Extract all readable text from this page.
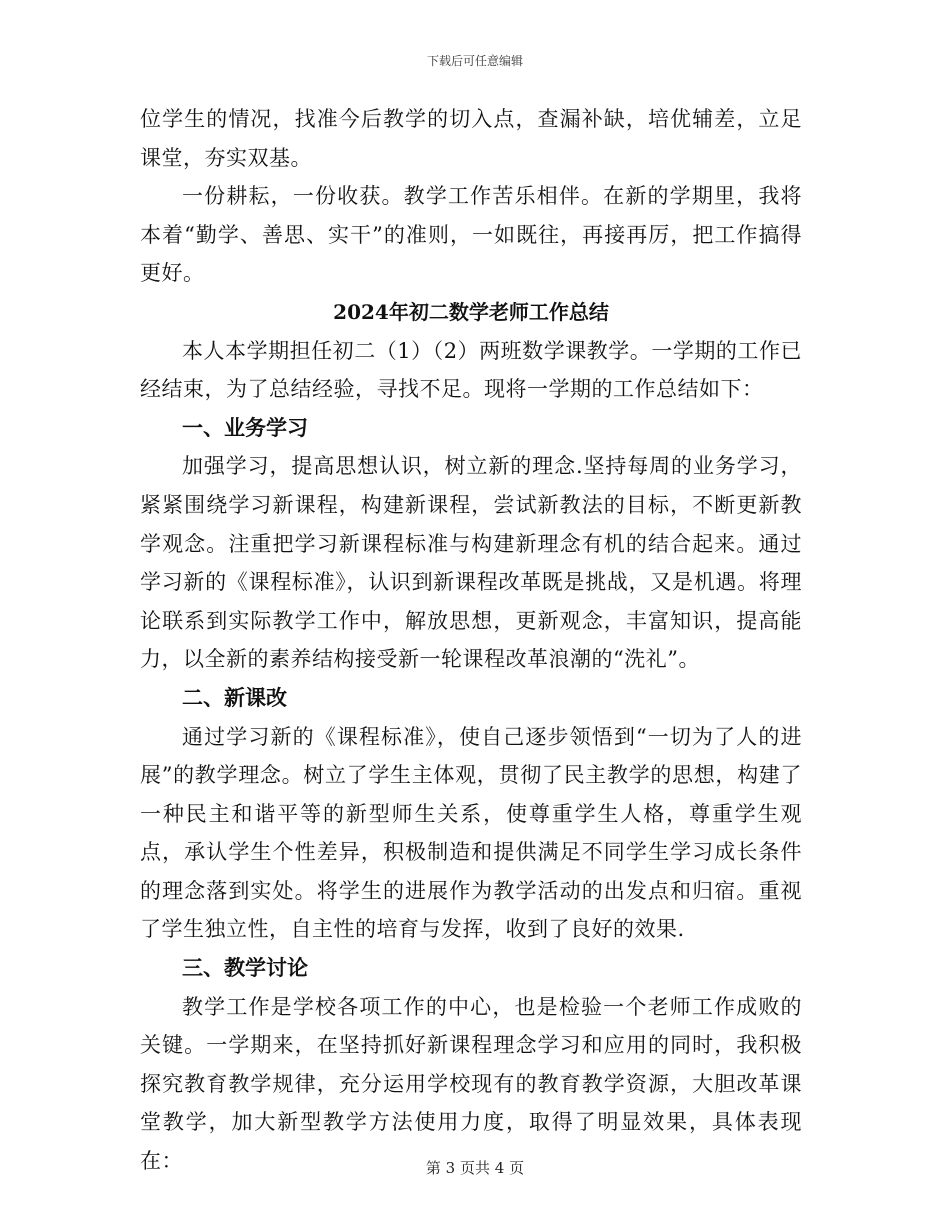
下载后可任意编辑

位学生的情况，找准今后教学的切入点，查漏补缺，培优辅差，立足课堂，夯实双基。

一份耕耘，一份收获。教学工作苦乐相伴。在新的学期里，我将本着“勤学、善思、实干”的准则，一如既往，再接再厉，把工作搞得更好。

2024年初二数学老师工作总结

本人本学期担任初二（1）（2）两班数学课教学。一学期的工作已经结束，为了总结经验，寻找不足。现将一学期的工作总结如下：

一、业务学习

加强学习，提高思想认识，树立新的理念.坚持每周的业务学习，紧紧围绕学习新课程，构建新课程，尝试新教法的目标，不断更新教学观念。注重把学习新课程标准与构建新理念有机的结合起来。通过学习新的《课程标准》，认识到新课程改革既是挑战，又是机遇。将理论联系到实际教学工作中，解放思想，更新观念，丰富知识，提高能力，以全新的素养结构接受新一轮课程改革浪潮的“洗礼”。

二、新课改

通过学习新的《课程标准》，使自己逐步领悟到“一切为了人的进展”的教学理念。树立了学生主体观，贯彻了民主教学的思想，构建了一种民主和谐平等的新型师生关系，使尊重学生人格，尊重学生观点，承认学生个性差异，积极制造和提供满足不同学生学习成长条件的理念落到实处。将学生的进展作为教学活动的出发点和归宿。重视了学生独立性，自主性的培育与发挥，收到了良好的效果.

三、教学讨论

教学工作是学校各项工作的中心，也是检验一个老师工作成败的关键。一学期来，在坚持抓好新课程理念学习和应用的同时，我积极探究教育教学规律，充分运用学校现有的教育教学资源，大胆改革课堂教学，加大新型教学方法使用力度，取得了明显效果，具体表现在：	第 3 页共 4 页
